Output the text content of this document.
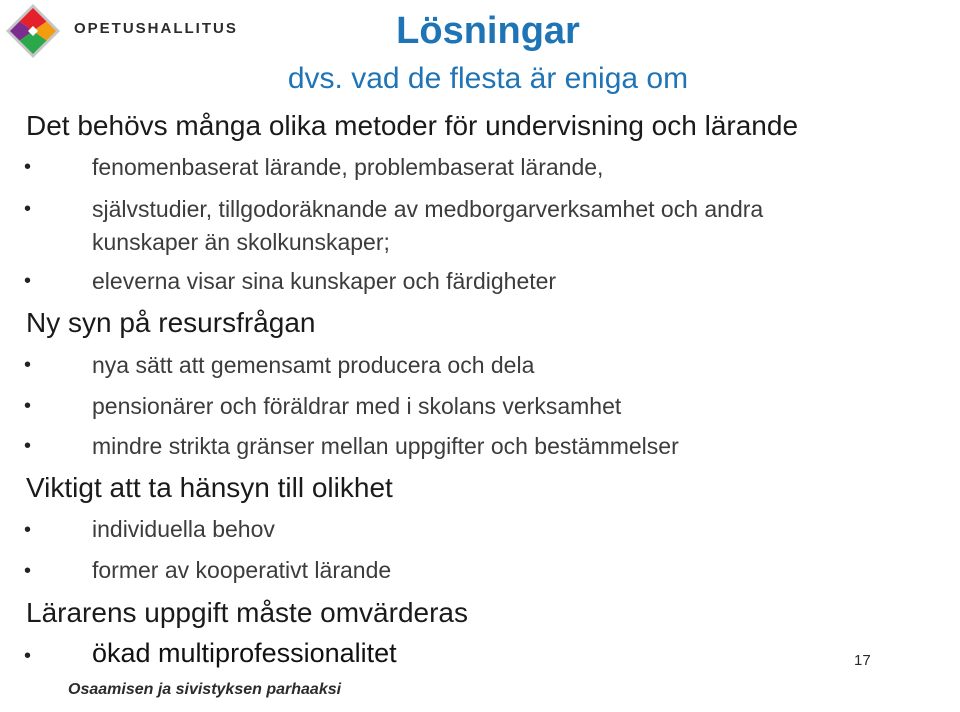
OPETUSHALLITUS	Lösningar
dvs. vad de flesta är eniga om
Det behövs många olika metoder för undervisning och lärande
•	fenomenbaserat lärande, problembaserat lärande,
•	självstudier, tillgodoräknande av medborgarverksamhet och andra
kunskaper än skolkunskaper;
•	eleverna visar sina kunskaper och färdigheter
Ny syn på resursfrågan
•	nya sätt att gemensamt producera och dela
•	pensionärer och föräldrar med i skolans verksamhet
•	mindre strikta gränser mellan uppgifter och bestämmelser
Viktigt att ta hänsyn till olikhet
•	individuella behov
•	former av kooperativt lärande
Lärarens uppgift måste omvärderas
• ökad multiprofessionalitet	17
Osaamisen ja sivistyksen parhaaksi
